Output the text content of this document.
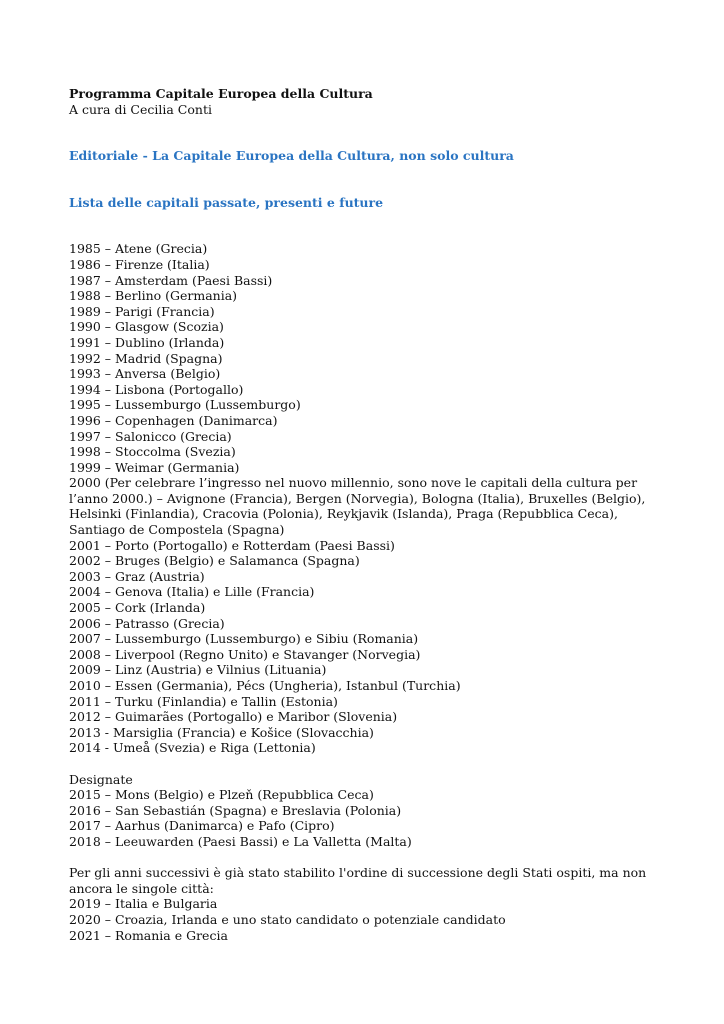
Programma Capitale Europea della Cultura
A cura di Cecilia Conti
Editoriale - La Capitale Europea della Cultura, non solo cultura
Lista delle capitali passate, presenti e future
1985 – Atene (Grecia)
1986 – Firenze (Italia)
1987 – Amsterdam (Paesi Bassi)
1988 – Berlino (Germania)
1989 – Parigi (Francia)
1990 – Glasgow (Scozia)
1991 – Dublino (Irlanda)
1992 – Madrid (Spagna)
1993 – Anversa (Belgio)
1994 – Lisbona (Portogallo)
1995 – Lussemburgo (Lussemburgo)
1996 – Copenhagen (Danimarca)
1997 – Salonicco (Grecia)
1998 – Stoccolma (Svezia)
1999 – Weimar (Germania)
2000 (Per celebrare l’ingresso nel nuovo millennio, sono nove le capitali della cultura per l’anno 2000.) – Avignone (Francia), Bergen (Norvegia), Bologna (Italia), Bruxelles (Belgio), Helsinki (Finlandia), Cracovia (Polonia), Reykjavik (Islanda), Praga (Repubblica Ceca), Santiago de Compostela (Spagna)
2001 – Porto (Portogallo) e Rotterdam (Paesi Bassi)
2002 – Bruges (Belgio) e Salamanca (Spagna)
2003 – Graz (Austria)
2004 – Genova (Italia) e Lille (Francia)
2005 – Cork (Irlanda)
2006 – Patrasso (Grecia)
2007 – Lussemburgo (Lussemburgo) e Sibiu (Romania)
2008 – Liverpool (Regno Unito) e Stavanger (Norvegia)
2009 – Linz (Austria) e Vilnius (Lituania)
2010 – Essen (Germania), Pécs (Ungheria), Istanbul (Turchia)
2011 – Turku (Finlandia) e Tallin (Estonia)
2012 – Guimarães (Portogallo) e Maribor (Slovenia)
2013 - Marsiglia (Francia) e Košice (Slovacchia)
2014 - Umeå (Svezia) e Riga (Lettonia)
Designate
2015 – Mons (Belgio) e Plzeň (Repubblica Ceca)
2016 – San Sebastián (Spagna) e Breslavia (Polonia)
2017 – Aarhus (Danimarca) e Pafo (Cipro)
2018 – Leeuwarden (Paesi Bassi) e La Valletta (Malta)
Per gli anni successivi è già stato stabilito l'ordine di successione degli Stati ospiti, ma non ancora le singole città:
2019 – Italia e Bulgaria
2020 – Croazia, Irlanda e uno stato candidato o potenziale candidato
2021 – Romania e Grecia
